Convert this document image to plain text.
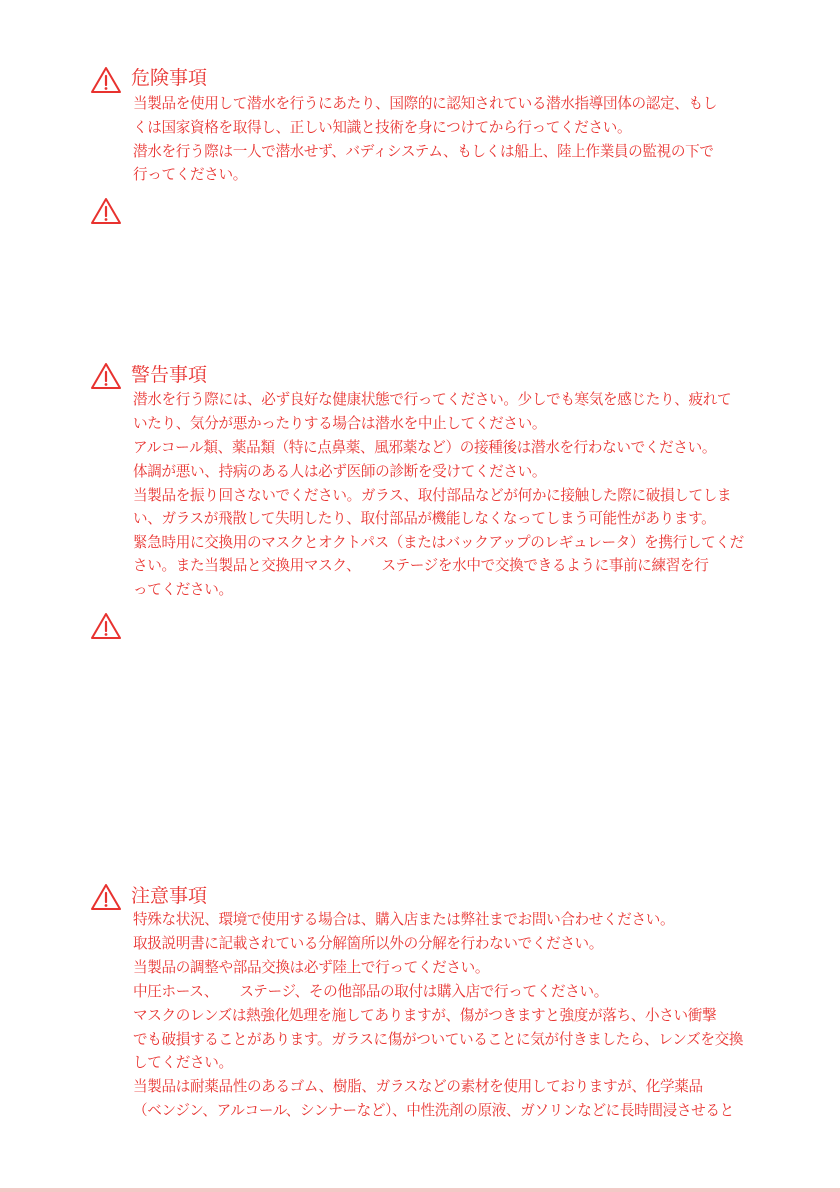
危険事項
当製品を使用して潜水を行うにあたり、国際的に認知されている潜水指導団体の認定、もし
くは国家資格を取得し、正しい知識と技術を身につけてから行ってください。
潜水を行う際は一人で潜水せず、バディシステム、もしくは船上、陸上作業員の監視の下で
行ってください。
警告事項
潜水を行う際には、必ず良好な健康状態で行ってください。少しでも寒気を感じたり、疲れて
いたり、気分が悪かったりする場合は潜水を中止してください。
アルコール類、薬品類（特に点鼻薬、風邪薬など）の接種後は潜水を行わないでください。
体調が悪い、持病のある人は必ず医師の診断を受けてください。
当製品を振り回さないでください。ガラス、取付部品などが何かに接触した際に破損してしま
い、ガラスが飛散して失明したり、取付部品が機能しなくなってしまう可能性があります。
緊急時用に交換用のマスクとオクトパス（またはバックアップのレギュレータ）を携行してくだ
さい。また当製品と交換用マスク、　　ステージを水中で交換できるように事前に練習を行
ってください。
注意事項
特殊な状況、環境で使用する場合は、購入店または弊社までお問い合わせください。
取扱説明書に記載されている分解箇所以外の分解を行わないでください。
当製品の調整や部品交換は必ず陸上で行ってください。
中圧ホース、　　ステージ、その他部品の取付は購入店で行ってください。
マスクのレンズは熱強化処理を施してありますが、傷がつきますと強度が落ち、小さい衝撃
でも破損することがあります。ガラスに傷がついていることに気が付きましたら、レンズを交換
してください。
当製品は耐薬品性のあるゴム、樹脂、ガラスなどの素材を使用しておりますが、化学薬品
（ベンジン、アルコール、シンナーなど）、中性洗剤の原液、ガソリンなどに長時間浸させると
